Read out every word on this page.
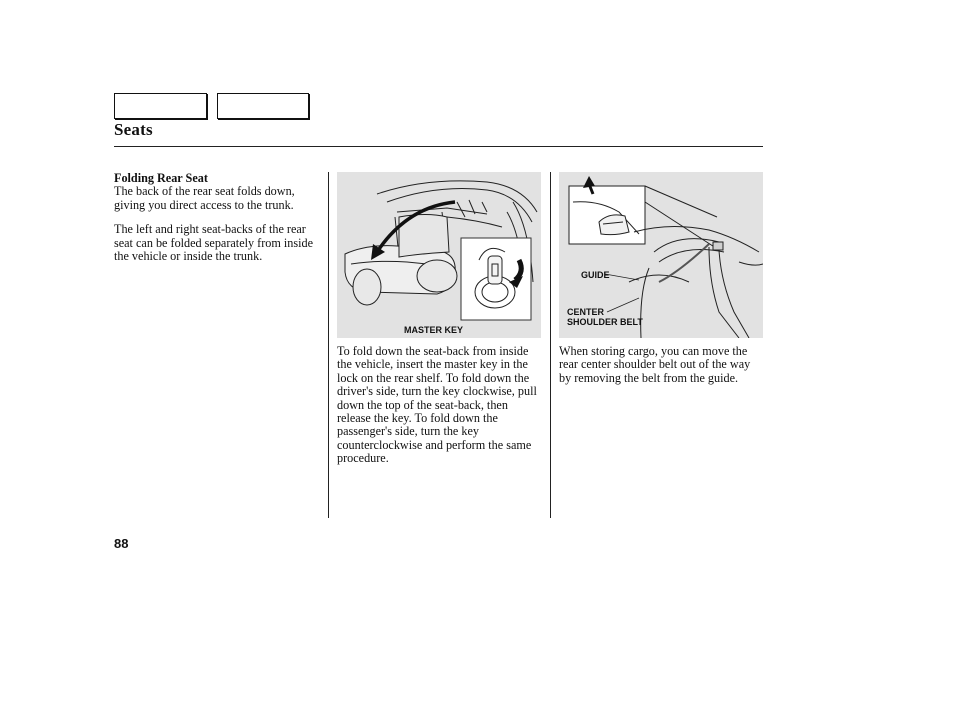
Seats
Folding Rear Seat

The back of the rear seat folds down, giving you direct access to the trunk.

The left and right seat-backs of the rear seat can be folded separately from inside the vehicle or inside the trunk.

MASTER KEY

To fold down the seat-back from inside the vehicle, insert the master key in the lock on the rear shelf. To fold down the driver's side, turn the key clockwise, pull down the top of the seat-back, then release the key. To fold down the passenger's side, turn the key counterclockwise and perform the same procedure.

GUIDE
CENTER
SHOULDER BELT

When storing cargo, you can move the rear center shoulder belt out of the way by removing the belt from the guide.

88
